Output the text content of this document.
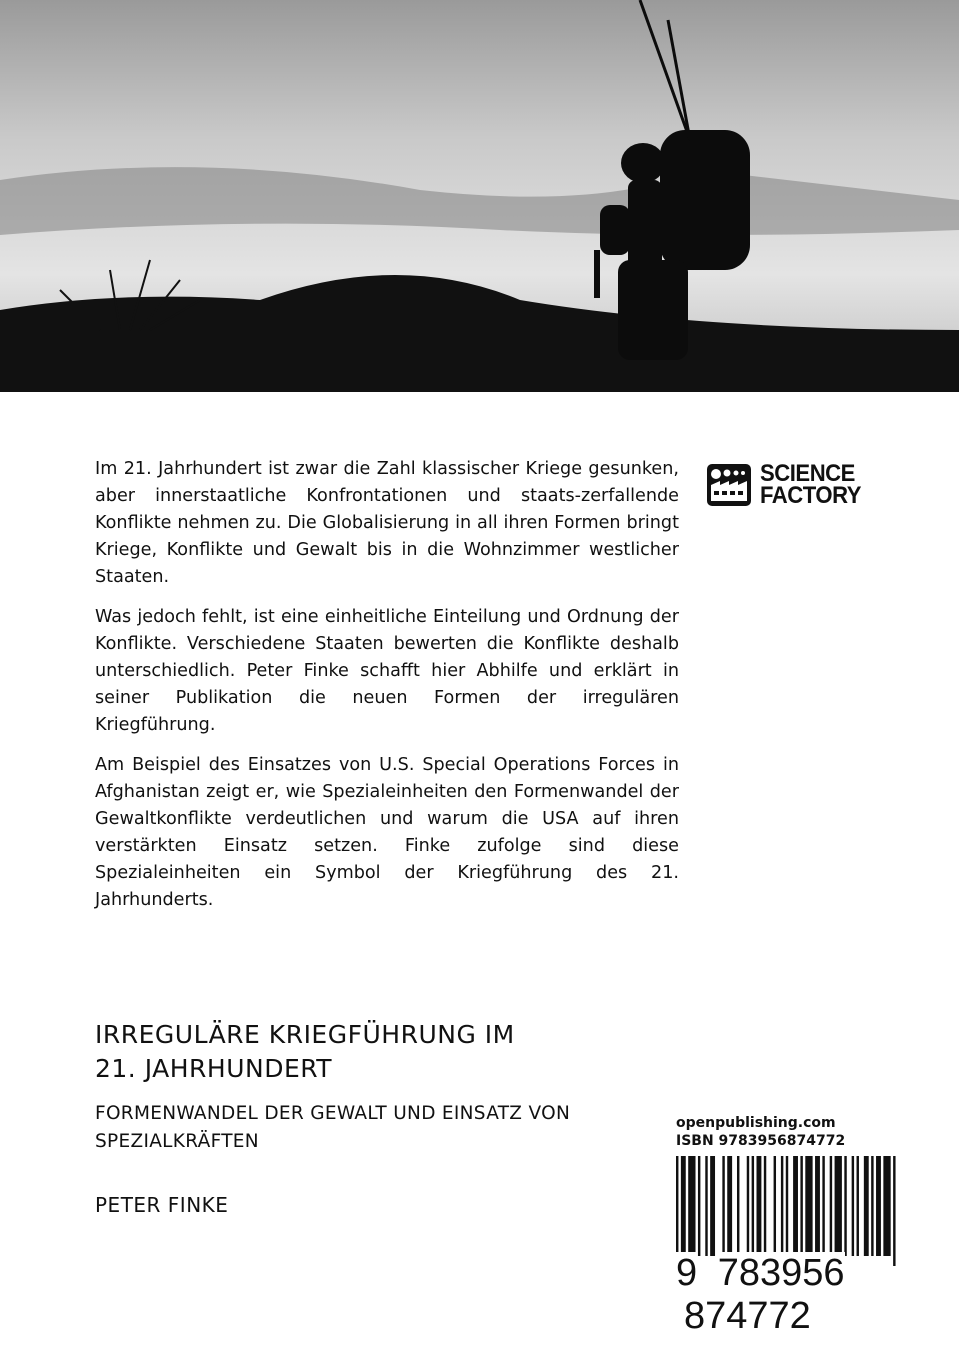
Im 21. Jahrhundert ist zwar die Zahl klassischer Kriege gesunken, aber innerstaatliche Konfrontationen und staats-zerfallende Konflikte nehmen zu. Die Globalisierung in all ihren Formen bringt Kriege, Konflikte und Gewalt bis in die Wohnzimmer westlicher Staaten.

Was jedoch fehlt, ist eine einheitliche Einteilung und Ordnung der Konflikte. Verschiedene Staaten bewerten die Konflikte deshalb unterschiedlich. Peter Finke schafft hier Abhilfe und erklärt in seiner Publikation die neuen Formen der irregulären Kriegführung.

Am Beispiel des Einsatzes von U.S. Special Operations Forces in Afghanistan zeigt er, wie Spezialeinheiten den Formenwandel der Gewaltkonflikte verdeutlichen und warum die USA auf ihren verstärkten Einsatz setzen. Finke zufolge sind diese Spezialeinheiten ein Symbol der Kriegführung des 21. Jahrhunderts.

SCIENCE
FACTORY
IRREGULÄRE KRIEGFÜHRUNG IM
21. JAHRHUNDERT
FORMENWANDEL DER GEWALT UND EINSATZ VON SPEZIALKRÄFTEN
PETER FINKE
openpublishing.com
ISBN 9783956874772
9 783956 874772
